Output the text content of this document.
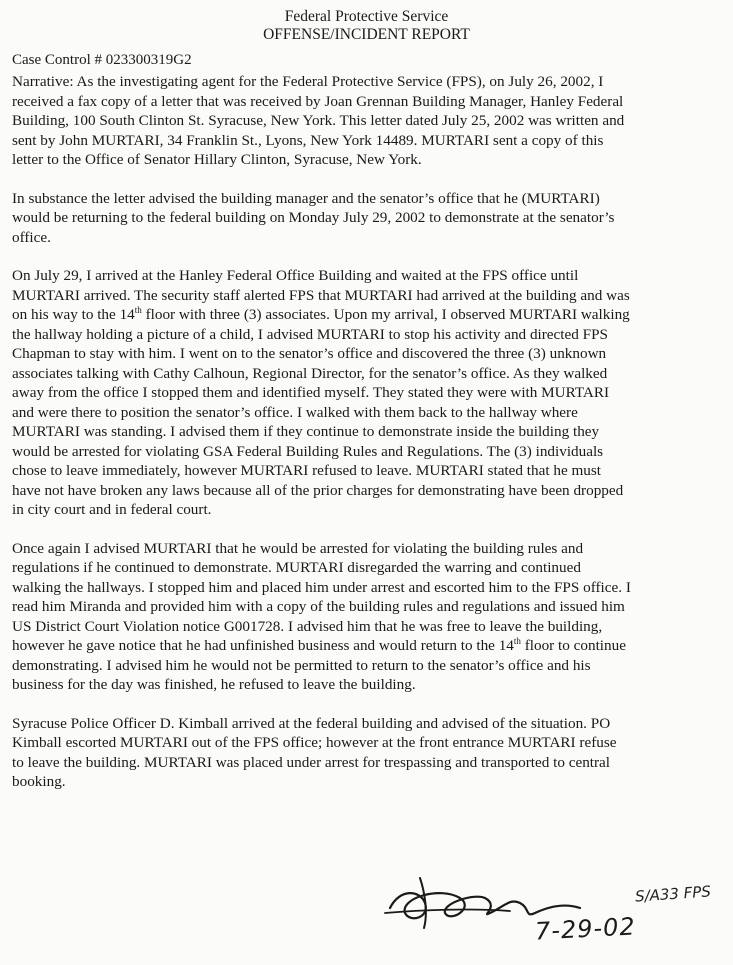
Federal Protective Service
OFFENSE/INCIDENT REPORT
Case Control # 023300319G2

Narrative: As the investigating agent for the Federal Protective Service (FPS), on July 26, 2002, I received a fax copy of a letter that was received by Joan Grennan Building Manager, Hanley Federal Building, 100 South Clinton St. Syracuse, New York. This letter dated July 25, 2002 was written and sent by John MURTARI, 34 Franklin St., Lyons, New York 14489. MURTARI sent a copy of this letter to the Office of Senator Hillary Clinton, Syracuse, New York.

In substance the letter advised the building manager and the senator’s office that he (MURTARI) would be returning to the federal building on Monday July 29, 2002 to demonstrate at the senator’s office.

On July 29, I arrived at the Hanley Federal Office Building and waited at the FPS office until MURTARI arrived. The security staff alerted FPS that MURTARI had arrived at the building and was on his way to the 14th floor with three (3) associates. Upon my arrival, I observed MURTARI walking the hallway holding a picture of a child, I advised MURTARI to stop his activity and directed FPS Chapman to stay with him. I went on to the senator’s office and discovered the three (3) unknown associates talking with Cathy Calhoun, Regional Director, for the senator’s office. As they walked away from the office I stopped them and identified myself. They stated they were with MURTARI and were there to position the senator’s office. I walked with them back to the hallway where MURTARI was standing. I advised them if they continue to demonstrate inside the building they would be arrested for violating GSA Federal Building Rules and Regulations. The (3) individuals chose to leave immediately, however MURTARI refused to leave. MURTARI stated that he must have not have broken any laws because all of the prior charges for demonstrating have been dropped in city court and in federal court.

Once again I advised MURTARI that he would be arrested for violating the building rules and regulations if he continued to demonstrate. MURTARI disregarded the warring and continued walking the hallways. I stopped him and placed him under arrest and escorted him to the FPS office. I read him Miranda and provided him with a copy of the building rules and regulations and issued him US District Court Violation notice G001728. I advised him that he was free to leave the building, however he gave notice that he had unfinished business and would return to the 14th floor to continue demonstrating. I advised him he would not be permitted to return to the senator’s office and his business for the day was finished, he refused to leave the building.

Syracuse Police Officer D. Kimball arrived at the federal building and advised of the situation. PO Kimball escorted MURTARI out of the FPS office; however at the front entrance MURTARI refuse to leave the building. MURTARI was placed under arrest for trespassing and transported to central booking.

S/A33 FPS
7-29-02
